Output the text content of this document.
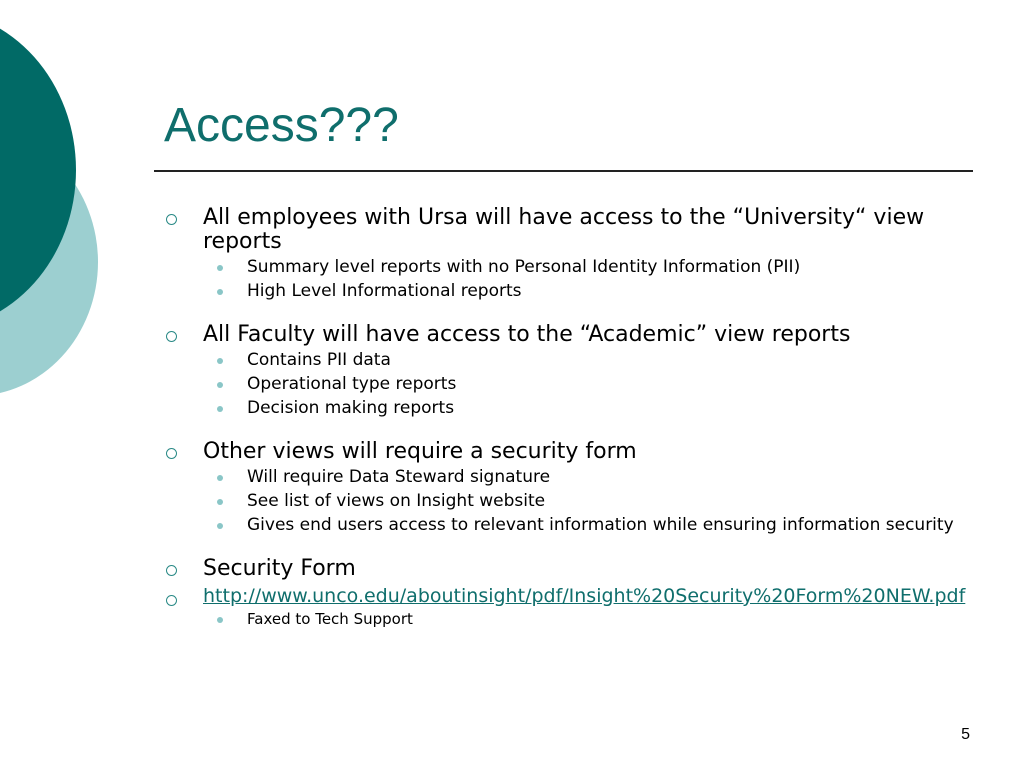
Access???
All employees with Ursa will have access to the “University“ view reports
Summary level reports with no Personal Identity Information (PII)
High Level Informational reports
All Faculty will have access to the “Academic” view reports
Contains PII data
Operational type reports
Decision making reports
Other views will require a security form
Will require Data Steward signature
See list of views on Insight website
Gives end users access to relevant information while ensuring information security
Security Form
http://www.unco.edu/aboutinsight/pdf/Insight%20Security%20Form%20NEW.pdf
Faxed to Tech Support
5
